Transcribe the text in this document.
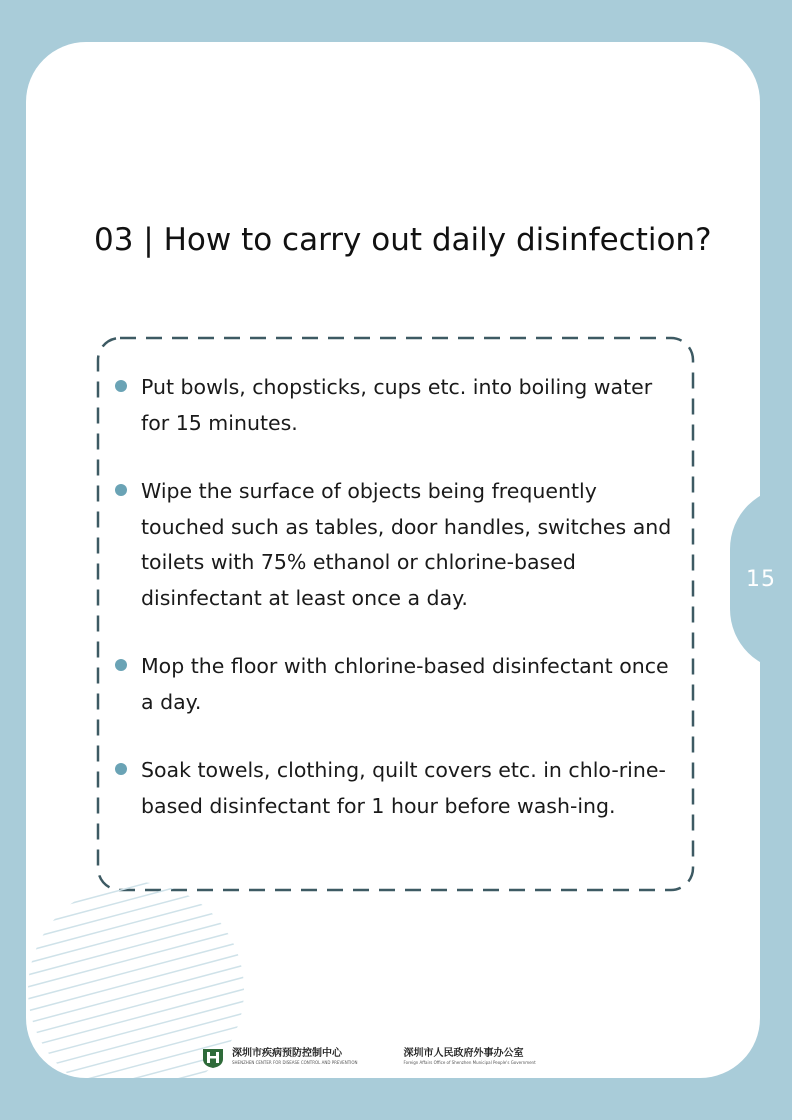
15
03 | How to carry out daily disinfection?
Put bowls, chopsticks, cups etc. into boiling water for 15 minutes.
Wipe the surface of objects being frequently touched such as tables, door handles, switches and toilets with 75% ethanol or chlorine-based disinfectant at least once a day.
Mop the floor with chlorine-based disinfectant once a day.
Soak towels, clothing, quilt covers etc. in chlo-rine-based disinfectant for 1 hour before wash-ing.
深圳市疾病预防控制中心
SHENZHEN CENTER FOR DISEASE CONTROL AND PREVENTION
深圳市人民政府外事办公室
Foreign Affairs Office of Shenzhen Municipal People's Government
